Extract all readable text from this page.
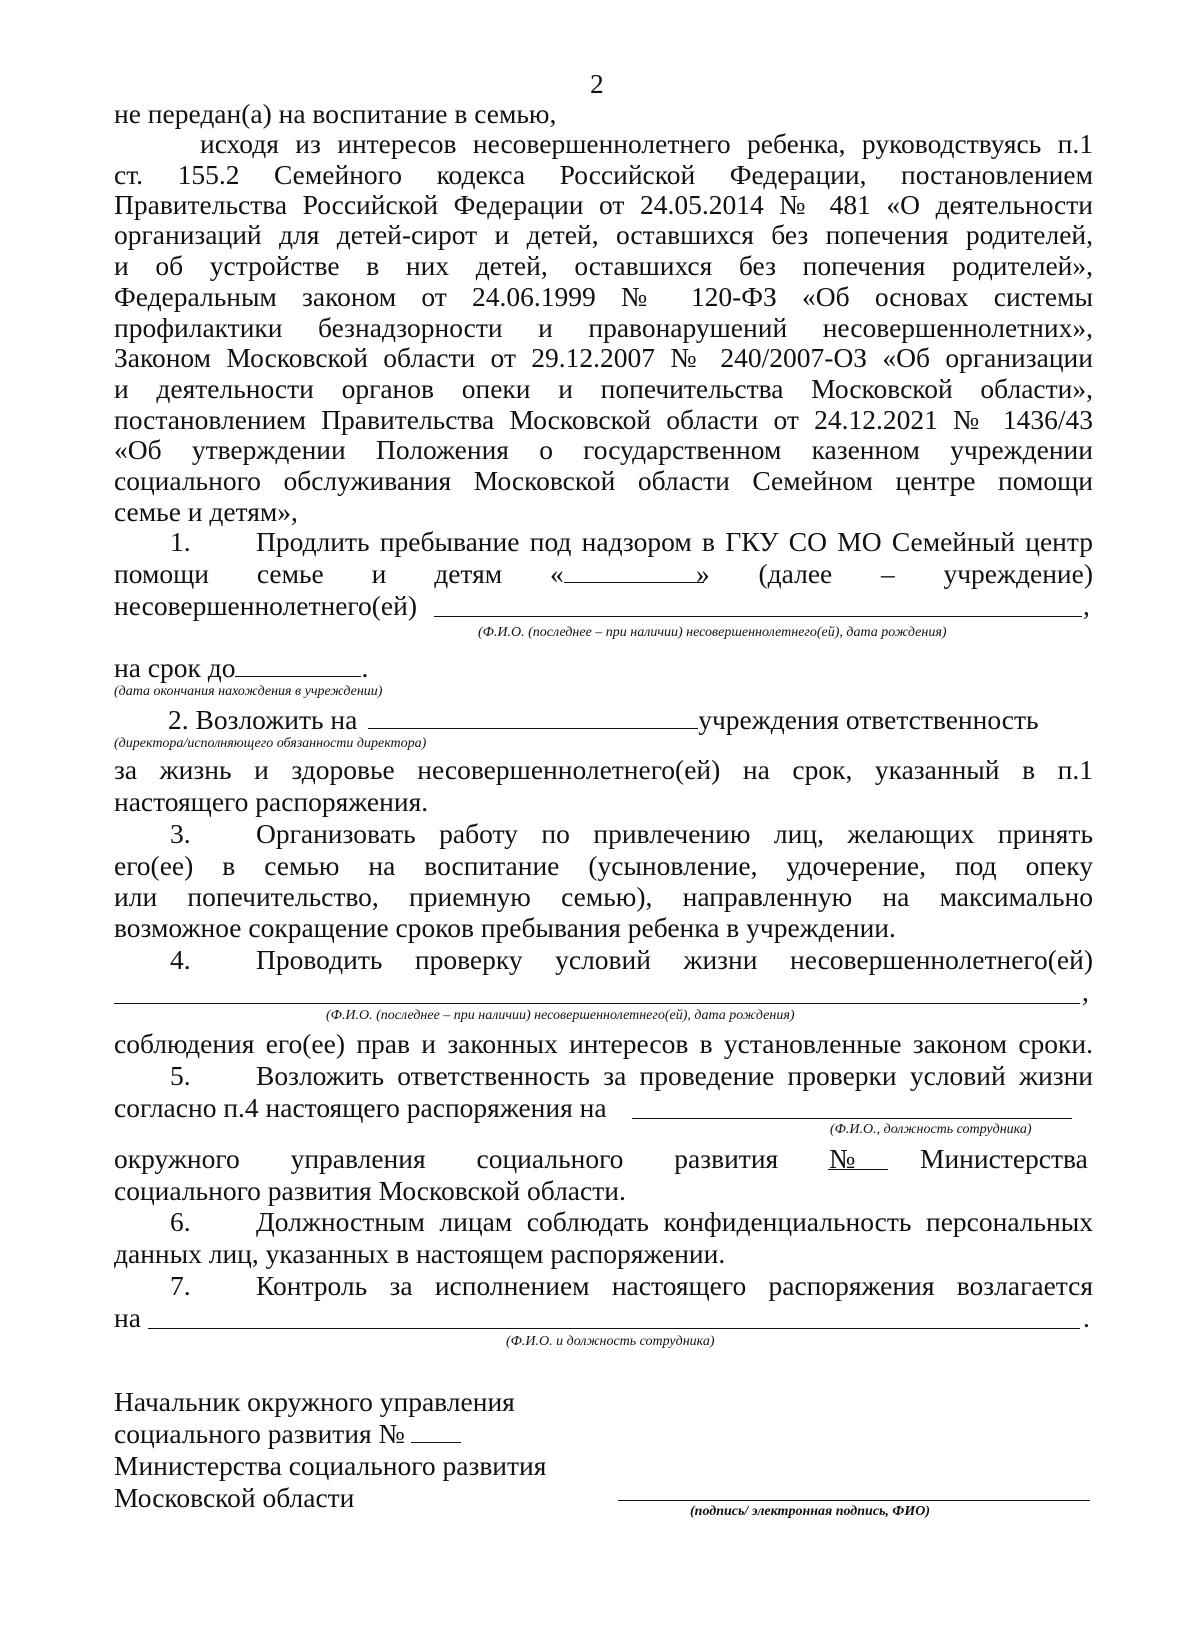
2
не передан(а) на воспитание в семью,
исходя из интересов несовершеннолетнего ребенка, руководствуясь п.1
ст. 155.2 Семейного кодекса Российской Федерации, постановлением
Правительства Российской Федерации от 24.05.2014 № 481 «О деятельности
организаций для детей-сирот и детей, оставшихся без попечения родителей,
и об устройстве в них детей, оставшихся без попечения родителей»,
Федеральным законом от 24.06.1999 № 120-ФЗ «Об основах системы
профилактики безнадзорности и правонарушений несовершеннолетних»,
Законом Московской области от 29.12.2007 № 240/2007-ОЗ «Об организации
и деятельности органов опеки и попечительства Московской области»,
постановлением Правительства Московской области от 24.12.2021 № 1436/43
«Об утверждении Положения о государственном казенном учреждении
социального обслуживания Московской области Семейном центре помощи
семье и детям»,
1. Продлить пребывание под надзором в ГКУ СО МО Семейный центр
помощи семье и детям «	» (далее – учреждение)
несовершеннолетнего(ей)	,
(Ф.И.О. (последнее – при наличии) несовершеннолетнего(ей), дата рождения)
на срок до	.
(дата окончания нахождения в учреждении)
2. Возложить на	учреждения ответственность
(директора/исполняющего обязанности директора)
за жизнь и здоровье несовершеннолетнего(ей) на срок, указанный в п.1
настоящего распоряжения.
3. Организовать работу по привлечению лиц, желающих принять
его(ее) в семью на воспитание (усыновление, удочерение, под опеку
или попечительство, приемную семью), направленную на максимально
возможное сокращение сроков пребывания ребенка в учреждении.
4. Проводить проверку условий жизни несовершеннолетнего(ей)
,
(Ф.И.О. (последнее – при наличии) несовершеннолетнего(ей), дата рождения)
соблюдения его(ее) прав и законных интересов в установленные законом сроки.
5. Возложить ответственность за проведение проверки условий жизни
согласно п.4 настоящего распоряжения на
(Ф.И.О., должность сотрудника)
окружного управления социального развития № Министерства
социального развития Московской области.
6. Должностным лицам соблюдать конфиденциальность персональных
данных лиц, указанных в настоящем распоряжении.
7. Контроль за исполнением настоящего распоряжения возлагается
на	.
(Ф.И.О. и должность сотрудника)
Начальник окружного управления
социального развития №
Министерства социального развития
Московской области	(подпись/ электронная подпись, ФИО)
